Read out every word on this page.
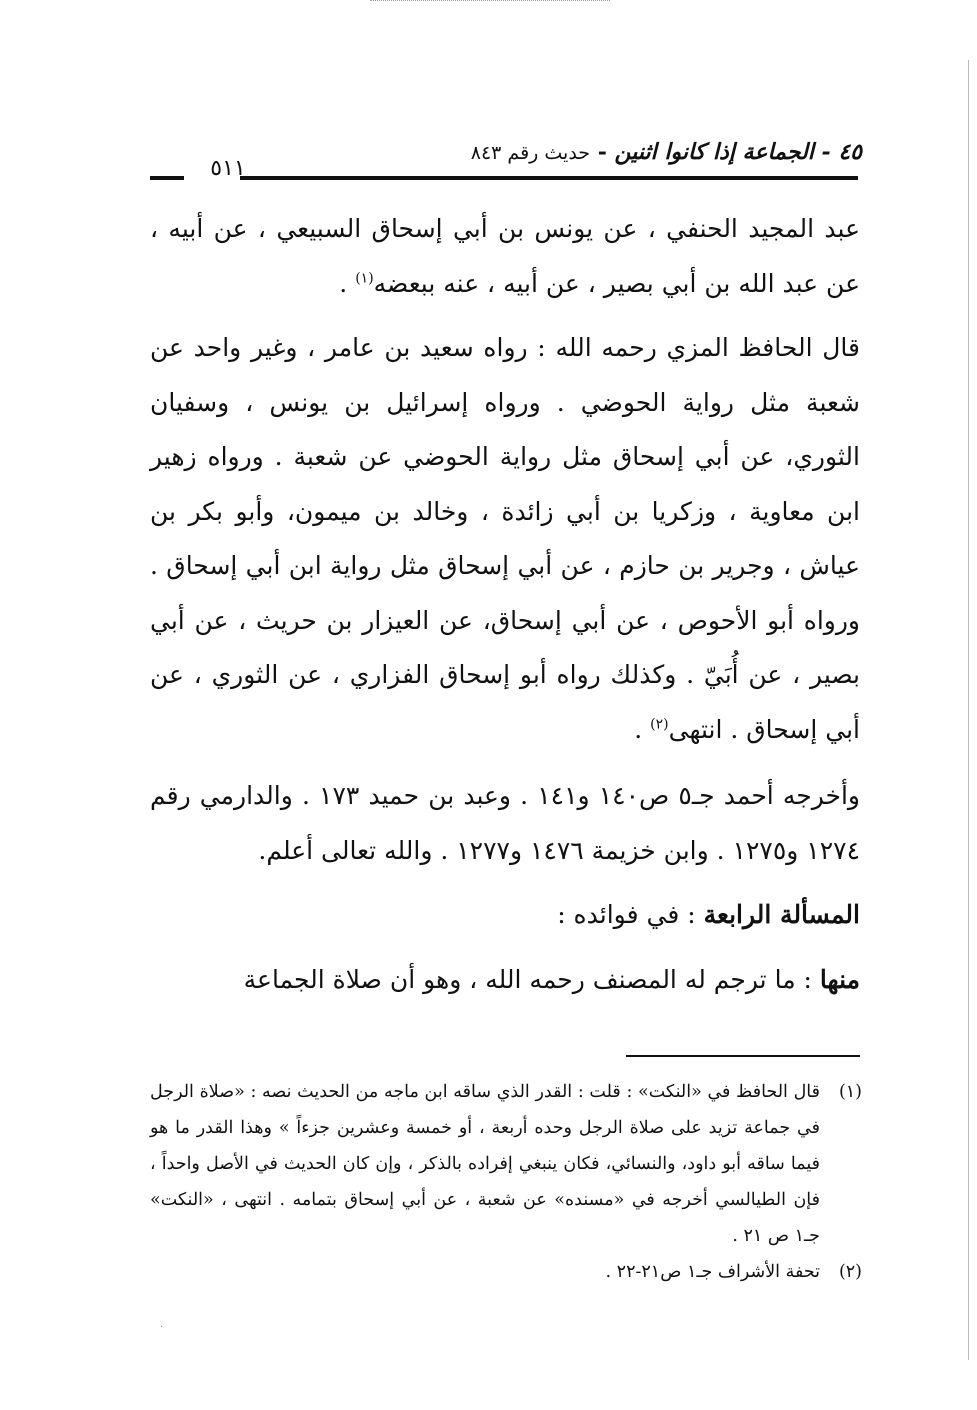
٤٥ - الجماعة إذا كانوا اثنين - حديث رقم ٨٤٣
٥١١

عبد المجيد الحنفي ، عن يونس بن أبي إسحاق السبيعي ، عن أبيه ، عن عبد الله بن أبي بصير ، عن أبيه ، عنه ببعضه$^{(١)}$ .

قال الحافظ المزي رحمه الله : رواه سعيد بن عامر ، وغير واحد عن شعبة مثل رواية الحوضي . ورواه إسرائيل بن يونس ، وسفيان الثوري، عن أبي إسحاق مثل رواية الحوضي عن شعبة . ورواه زهير ابن معاوية ، وزكريا بن أبي زائدة ، وخالد بن ميمون، وأبو بكر بن عياش ، وجرير بن حازم ، عن أبي إسحاق مثل رواية ابن أبي إسحاق . ورواه أبو الأحوص ، عن أبي إسحاق، عن العيزار بن حريث ، عن أبي بصير ، عن أُبَيّ . وكذلك رواه أبو إسحاق الفزاري ، عن الثوري ، عن أبي إسحاق . انتهى$^{(٢)}$ .

وأخرجه أحمد جـ٥ ص١٤٠ و١٤١ . وعبد بن حميد ١٧٣ . والدارمي رقم ١٢٧٤ و١٢٧٥ . وابن خزيمة ١٤٧٦ و١٢٧٧ . والله تعالى أعلم.

المسألة الرابعة : في فوائده :

منها : ما ترجم له المصنف رحمه الله ، وهو أن صلاة الجماعة

(١)
قال الحافظ في «النكت» : قلت : القدر الذي ساقه ابن ماجه من الحديث نصه : «صلاة الرجل في جماعة تزيد على صلاة الرجل وحده أربعة ، أو خمسة وعشرين جزءاً » وهذا القدر ما هو فيما ساقه أبو داود، والنسائي، فكان ينبغي إفراده بالذكر ، وإن كان الحديث في الأصل واحداً ، فإن الطيالسي أخرجه في «مسنده» عن شعبة ، عن أبي إسحاق بتمامه . انتهى ، «النكت» جـ١ ص ٢١ .

(٢)
تحفة الأشراف جـ١ ص٢١-٢٢ .

·
